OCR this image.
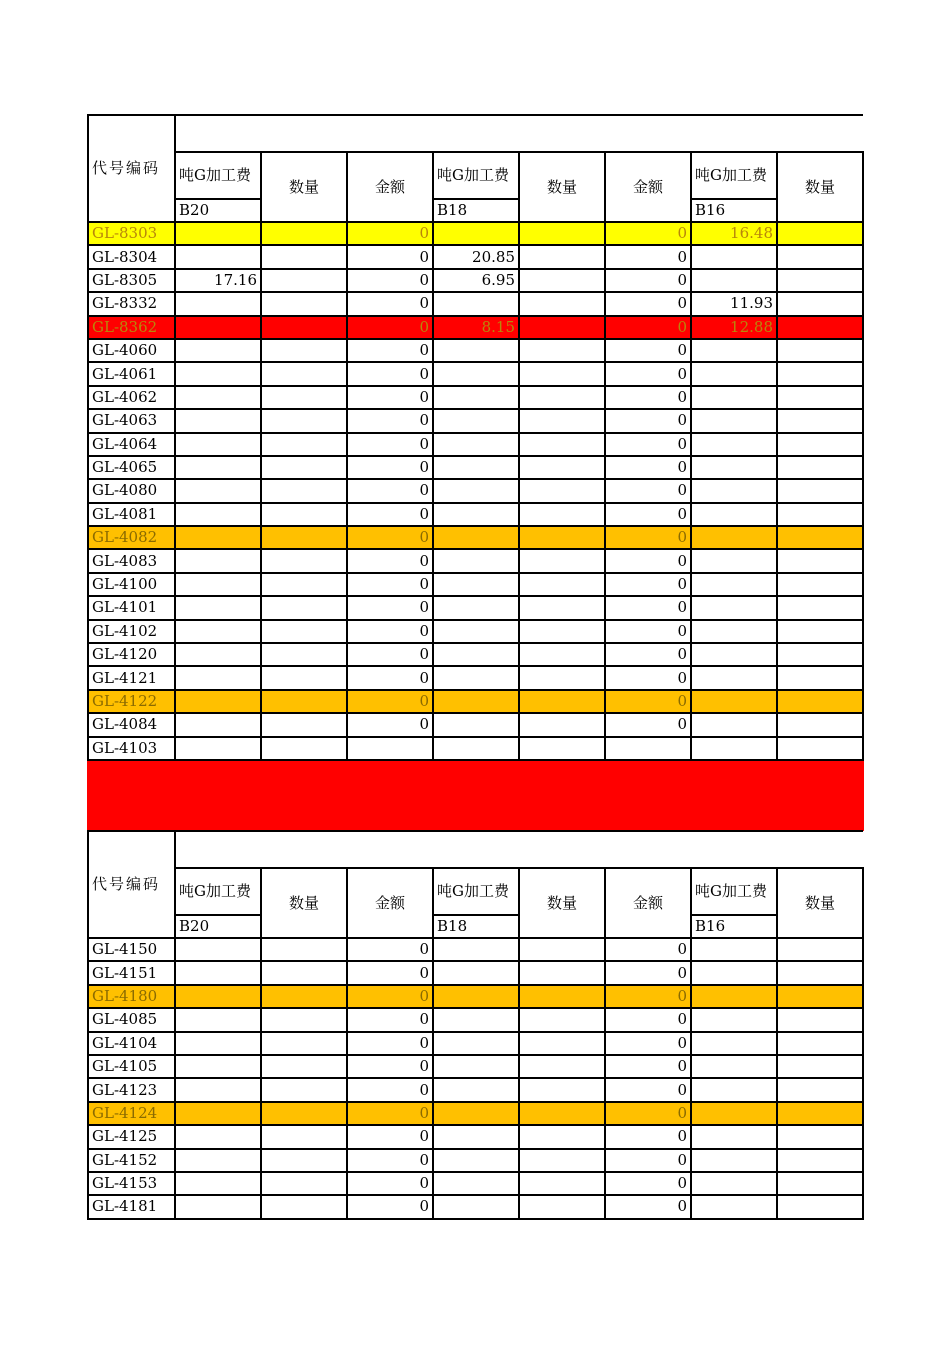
代号编码								
	吨G加工费	数量	金额	吨G加工费	数量	金额	吨G加工费	数量
	B20			B18			B16	
GL-8303			0			0	16.48	
GL-8304			0	20.85		0		
GL-8305	17.16		0	6.95		0		
GL-8332			0			0	11.93	
GL-8362			0	8.15		0	12.88	
GL-4060			0			0		
GL-4061			0			0		
GL-4062			0			0		
GL-4063			0			0		
GL-4064			0			0		
GL-4065			0			0		
GL-4080			0			0		
GL-4081			0			0		
GL-4082			0			0		
GL-4083			0			0		
GL-4100			0			0		
GL-4101			0			0		
GL-4102			0			0		
GL-4120			0			0		
GL-4121			0			0		
GL-4122			0			0		
GL-4084			0			0		
GL-4103								
代号编码								
	吨G加工费	数量	金额	吨G加工费	数量	金额	吨G加工费	数量
	B20			B18			B16	
GL-4150			0			0		
GL-4151			0			0		
GL-4180			0			0		
GL-4085			0			0		
GL-4104			0			0		
GL-4105			0			0		
GL-4123			0			0		
GL-4124			0			0		
GL-4125			0			0		
GL-4152			0			0		
GL-4153			0			0		
GL-4181			0			0		
